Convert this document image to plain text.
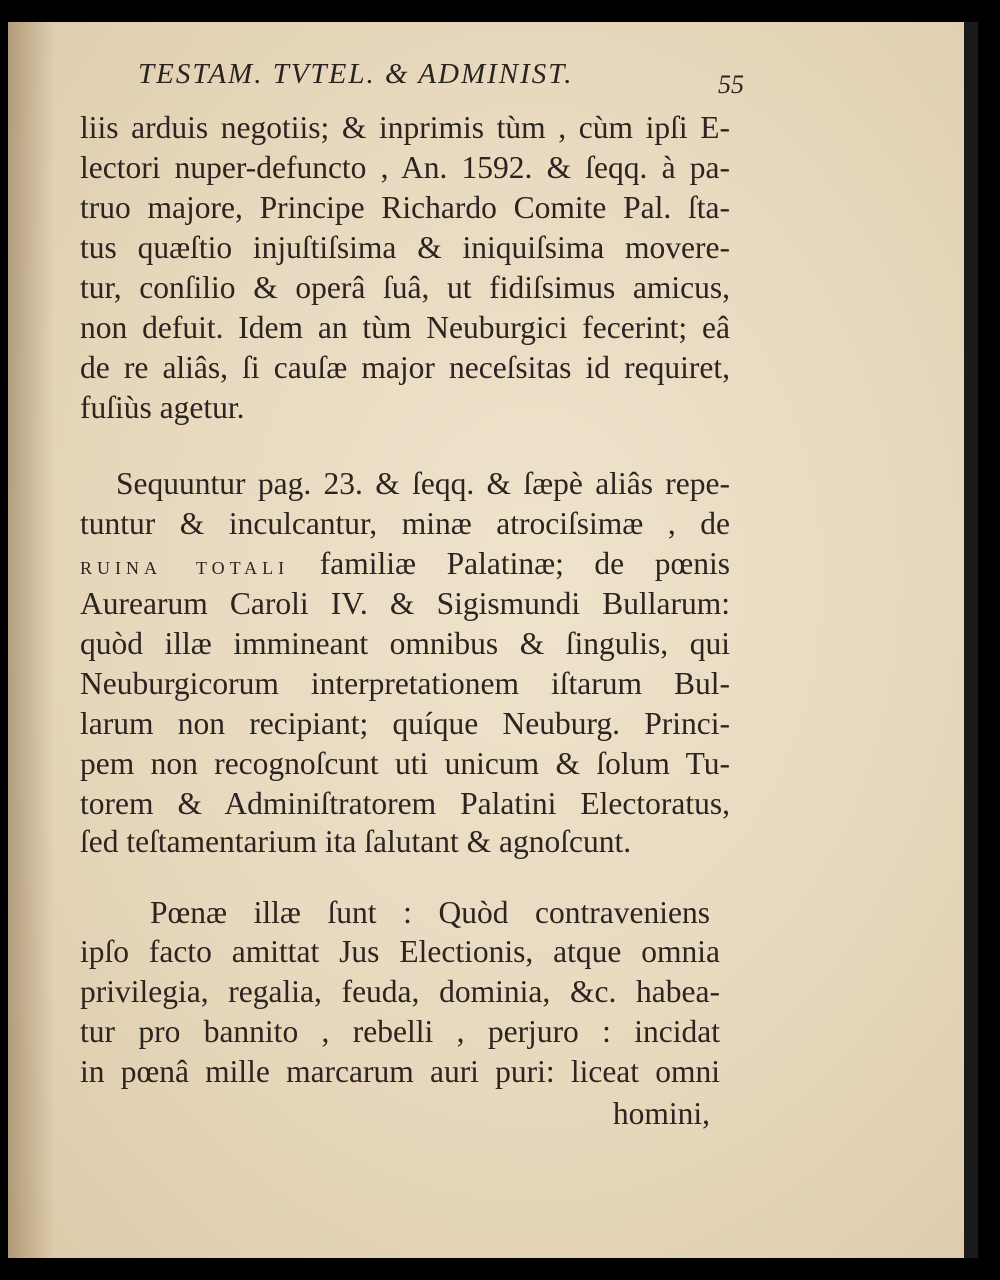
TESTAM. TVTEL. & ADMINIST.	55
liis arduis negotiis; & inprimis tùm , cùm ipſi E-
lectori nuper-defuncto , An. 1592. & ſeqq. à pa-
truo majore, Principe Richardo Comite Pal. ſta-
tus quæſtio injuſtiſsima & iniquiſsima movere-
tur, conſilio & operâ ſuâ, ut fidiſsimus amicus,
non defuit. Idem an tùm Neuburgici fecerint; eâ
de re aliâs, ſi cauſæ major neceſsitas id requiret,
fuſiùs agetur.
Sequuntur pag. 23. & ſeqq. & ſæpè aliâs repe-
tuntur & inculcantur, minæ atrociſsimæ , de
ruina totali familiæ Palatinæ; de pœnis
Aurearum Caroli IV. & Sigismundi Bullarum:
quòd illæ immineant omnibus & ſingulis, qui
Neuburgicorum interpretationem iſtarum Bul-
larum non recipiant; quíque Neuburg. Princi-
pem non recognoſcunt uti unicum & ſolum Tu-
torem & Adminiſtratorem Palatini Electoratus,
ſed teſtamentarium ita ſalutant & agnoſcunt.
Pœnæ illæ ſunt : Quòd contraveniens
ipſo facto amittat Jus Electionis, atque omnia
privilegia, regalia, feuda, dominia, &c. habea-
tur pro bannito , rebelli , perjuro : incidat
in pœnâ mille marcarum auri puri: liceat omni
homini,
